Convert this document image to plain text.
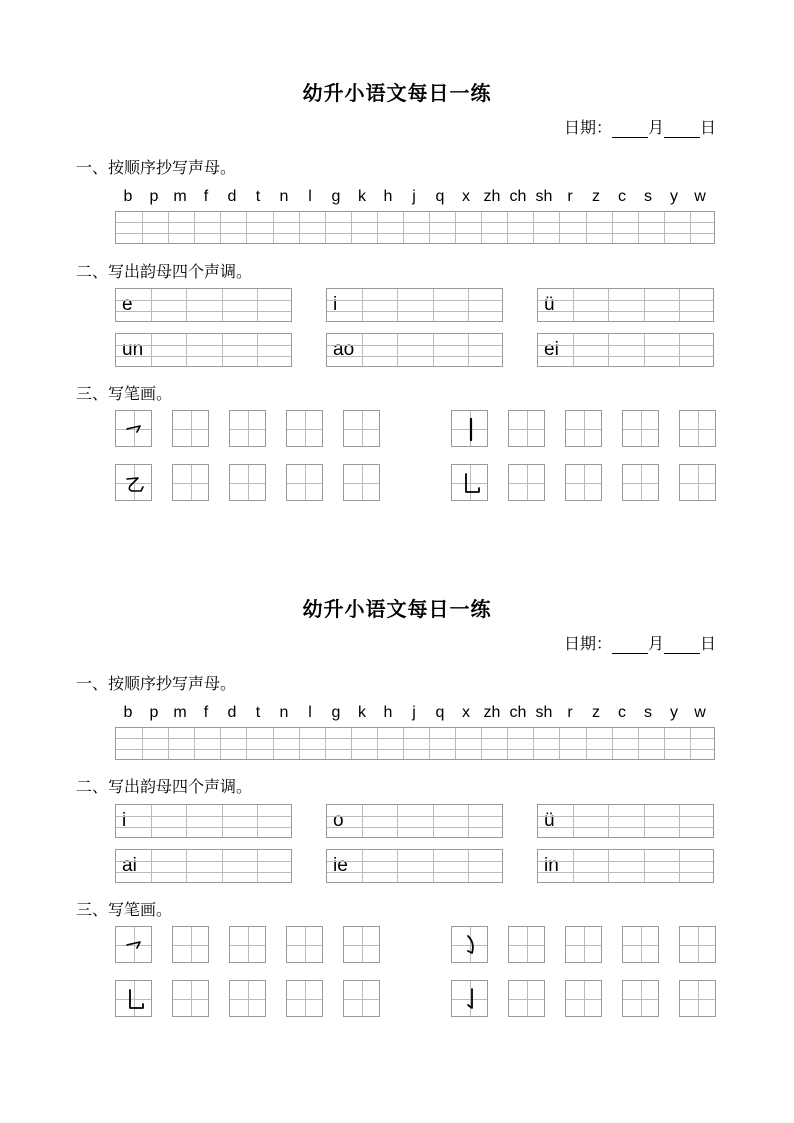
幼升小语文每日一练
日期： 月 日
一、按顺序抄写声母。
b	p m	f	d	t	n	l	g	k	h	j	q	x zh ch sh r	z	c	s	y	w
二、写出韵母四个声调。
e	i	ü
un	ao	ei
三、写笔画。
幼升小语文每日一练
日期： 月 日
一、按顺序抄写声母。
b	p m	f	d	t	n	l	g	k	h	j	q	x zh ch sh r	z	c	s	y	w
二、写出韵母四个声调。
i	o	ü
ai	ie	in
三、写笔画。
